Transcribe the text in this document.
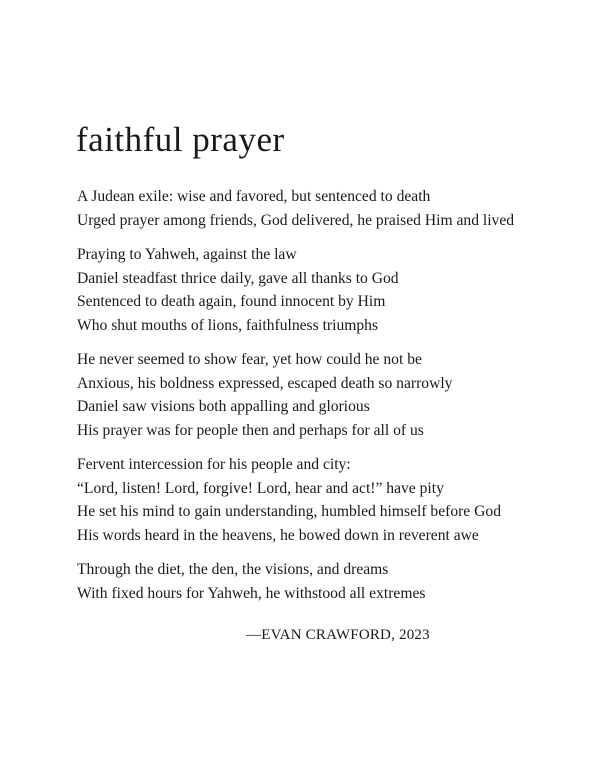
faithful prayer
A Judean exile: wise and favored, but sentenced to death
Urged prayer among friends, God delivered, he praised Him and lived
Praying to Yahweh, against the law
Daniel steadfast thrice daily, gave all thanks to God
Sentenced to death again, found innocent by Him
Who shut mouths of lions, faithfulness triumphs
He never seemed to show fear, yet how could he not be
Anxious, his boldness expressed, escaped death so narrowly
Daniel saw visions both appalling and glorious
His prayer was for people then and perhaps for all of us
Fervent intercession for his people and city:
“Lord, listen! Lord, forgive! Lord, hear and act!” have pity
He set his mind to gain understanding, humbled himself before God
His words heard in the heavens, he bowed down in reverent awe
Through the diet, the den, the visions, and dreams
With fixed hours for Yahweh, he withstood all extremes
—EVAN CRAWFORD, 2023
